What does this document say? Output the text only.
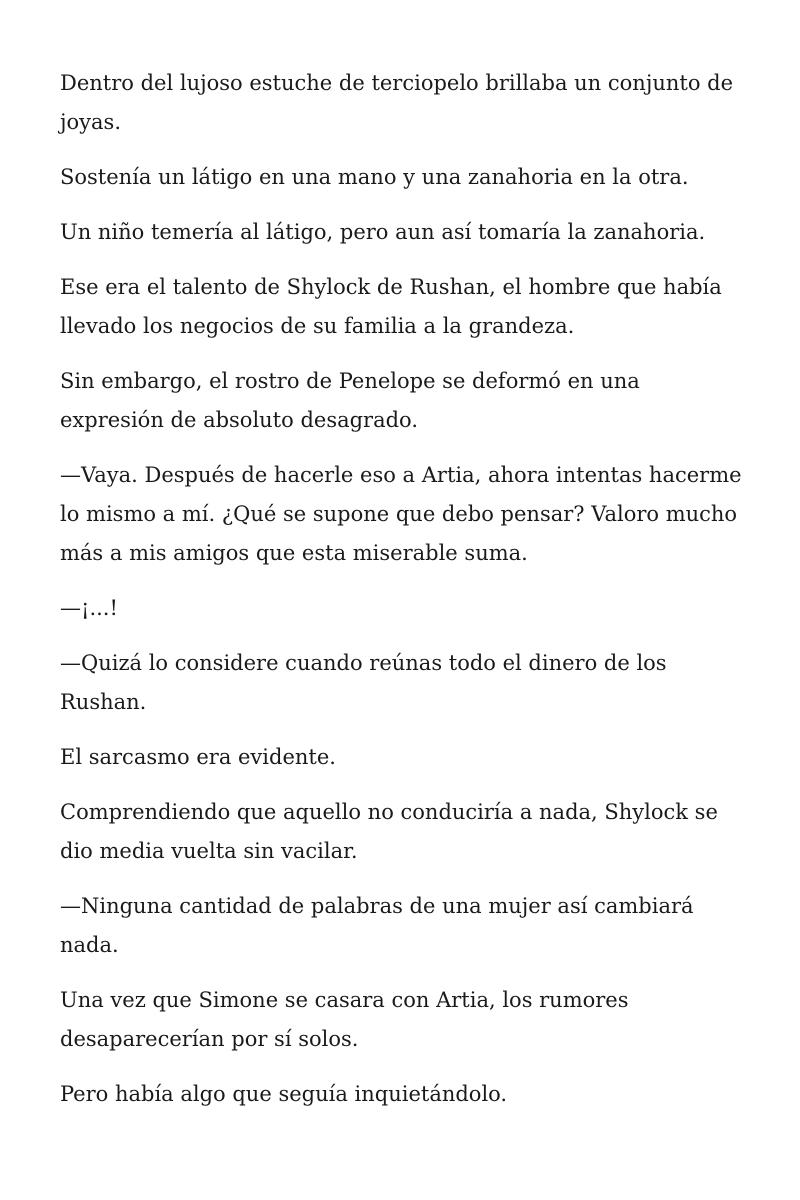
Dentro del lujoso estuche de terciopelo brillaba un conjunto de joyas.

Sostenía un látigo en una mano y una zanahoria en la otra.

Un niño temería al látigo, pero aun así tomaría la zanahoria.

Ese era el talento de Shylock de Rushan, el hombre que había llevado los negocios de su familia a la grandeza.

Sin embargo, el rostro de Penelope se deformó en una expresión de absoluto desagrado.

—Vaya. Después de hacerle eso a Artia, ahora intentas hacerme lo mismo a mí. ¿Qué se supone que debo pensar? Valoro mucho más a mis amigos que esta miserable suma.

—¡...!

—Quizá lo considere cuando reúnas todo el dinero de los Rushan.

El sarcasmo era evidente.

Comprendiendo que aquello no conduciría a nada, Shylock se dio media vuelta sin vacilar.

—Ninguna cantidad de palabras de una mujer así cambiará nada.

Una vez que Simone se casara con Artia, los rumores desaparecerían por sí solos.

Pero había algo que seguía inquietándolo.
